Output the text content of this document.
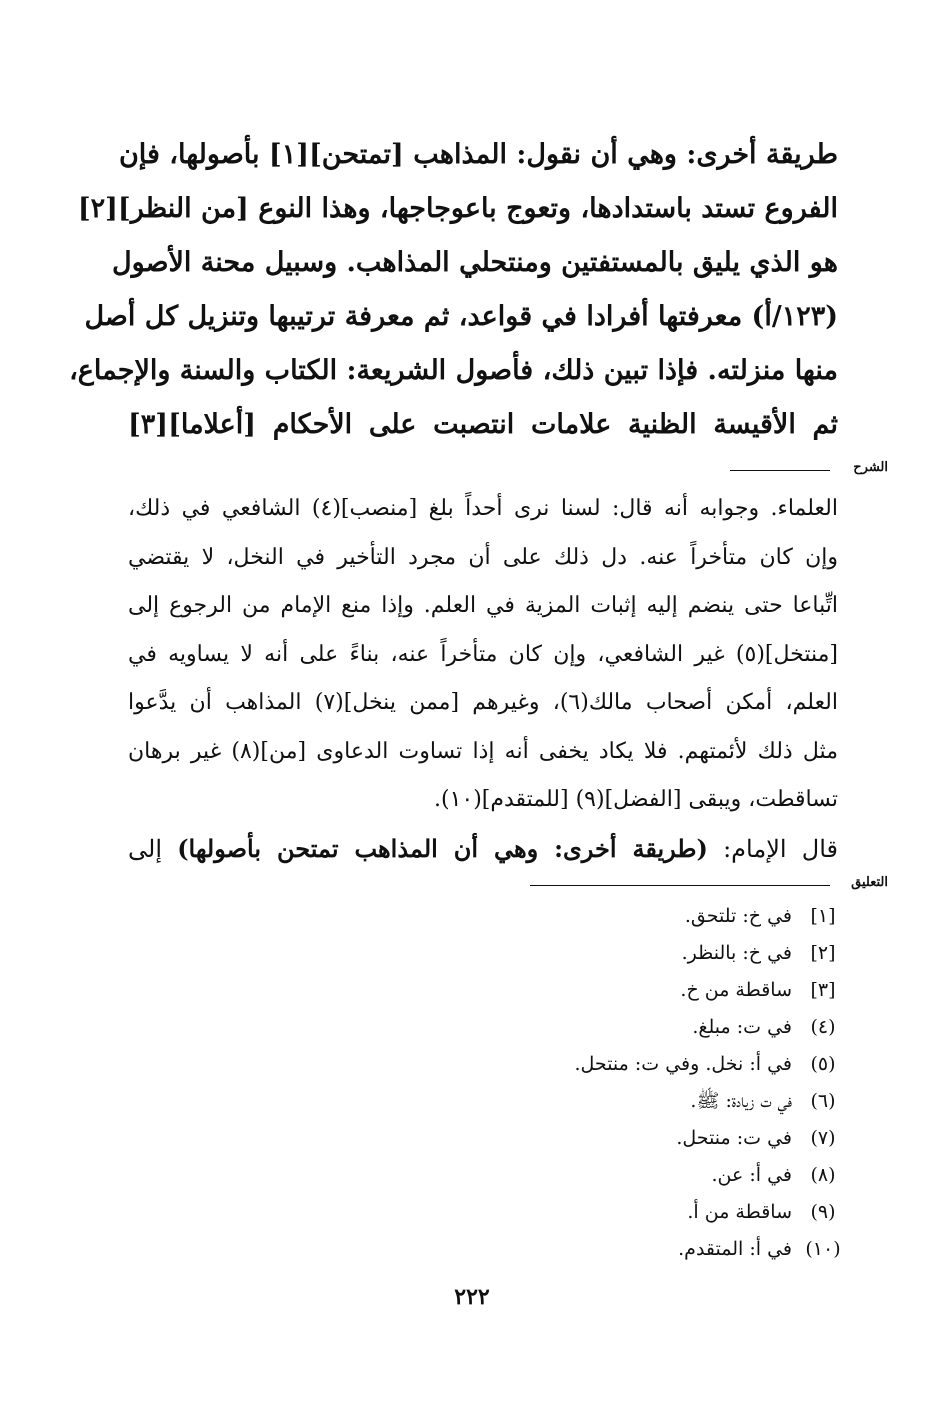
طريقة أخرى: وهي أن نقول: المذاهب [تمتحن][١] بأصولها، فإن
الفروع تستد باستدادها، وتعوج باعوجاجها، وهذا النوع [من النظر][٢]
هو الذي يليق بالمستفتين ومنتحلي المذاهب. وسبيل محنة الأصول
(١٢٣/أ) معرفتها أفرادا في قواعد، ثم معرفة ترتيبها وتنزيل كل أصل
منها منزلته. فإذا تبين ذلك، فأصول الشريعة: الكتاب والسنة والإجماع،
ثم الأقيسة الظنية علامات انتصبت على الأحكام [أعلاما][٣]
الشرح
العلماء. وجوابه أنه قال: لسنا نرى أحداً بلغ [منصب](٤) الشافعي في ذلك،
وإن كان متأخراً عنه. دل ذلك على أن مجرد التأخير في النخل، لا يقتضي
اتِّباعا حتى ينضم إليه إثبات المزية في العلم. وإذا منع الإمام من الرجوع إلى
[منتخل](٥) غير الشافعي، وإن كان متأخراً عنه، بناءً على أنه لا يساويه في
العلم، أمكن أصحاب مالك(٦)، وغيرهم [ممن ينخل](٧) المذاهب أن يدَّعوا
مثل ذلك لأئمتهم. فلا يكاد يخفى أنه إذا تساوت الدعاوى [من](٨) غير برهان
تساقطت، ويبقى [الفضل](٩) [للمتقدم](١٠).
قال الإمام: (طريقة أخرى: وهي أن المذاهب تمتحن بأصولها) إلى
التعليق
[١]في خ: تلتحق.
[٢]في خ: بالنظر.
[٣]ساقطة من خ.
(٤)في ت: مبلغ.
(٥)في أ: نخل. وفي ت: منتحل.
(٦)في ت زيادة: ﷺ.
(٧)في ت: منتحل.
(٨)في أ: عن.
(٩)ساقطة من أ.
(١٠)في أ: المتقدم.
٢٢٢
